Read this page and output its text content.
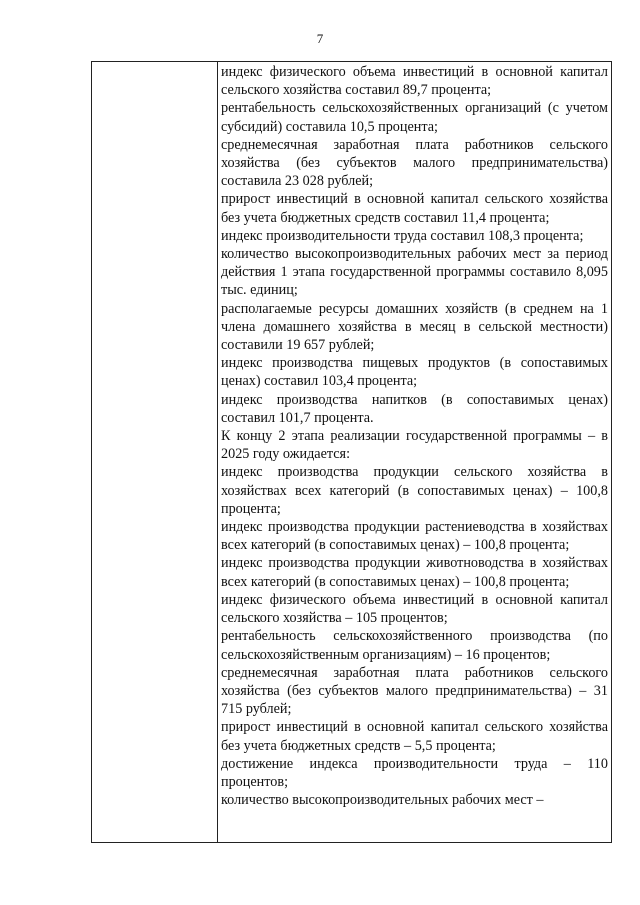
7

индекс физического объема инвестиций в основной капитал сельского хозяйства составил 89,7 процента;

рентабельность сельскохозяйственных организаций (с учетом субсидий) составила 10,5 процента;

среднемесячная заработная плата работников сельского хозяйства (без субъектов малого предпринимательства) составила 23 028 рублей;

прирост инвестиций в основной капитал сельского хозяйства без учета бюджетных средств составил 11,4 процента;

индекс производительности труда составил 108,3 процента;

количество высокопроизводительных рабочих мест за период действия 1 этапа государственной программы составило 8,095 тыс. единиц;

располагаемые ресурсы домашних хозяйств (в среднем на 1 члена домашнего хозяйства в месяц в сельской местности) составили 19 657 рублей;

индекс производства пищевых продуктов (в сопоставимых ценах) составил 103,4 процента;

индекс производства напитков (в сопоставимых ценах) составил 101,7 процента.

К концу 2 этапа реализации государственной программы – в 2025 году ожидается:

индекс производства продукции сельского хозяйства в хозяйствах всех категорий (в сопоставимых ценах) – 100,8 процента;

индекс производства продукции растениеводства в хозяйствах всех категорий (в сопоставимых ценах) – 100,8 процента;

индекс производства продукции животноводства в хозяйствах всех категорий (в сопоставимых ценах) – 100,8 процента;

индекс физического объема инвестиций в основной капитал сельского хозяйства – 105 процентов;

рентабельность сельскохозяйственного производства (по сельскохозяйственным организациям) – 16 процентов;

среднемесячная заработная плата работников сельского хозяйства (без субъектов малого предпринимательства) – 31 715 рублей;

прирост инвестиций в основной капитал сельского хозяйства без учета бюджетных средств – 5,5 процента;

достижение индекса производительности труда – 110 процентов;

количество высокопроизводительных рабочих мест –
